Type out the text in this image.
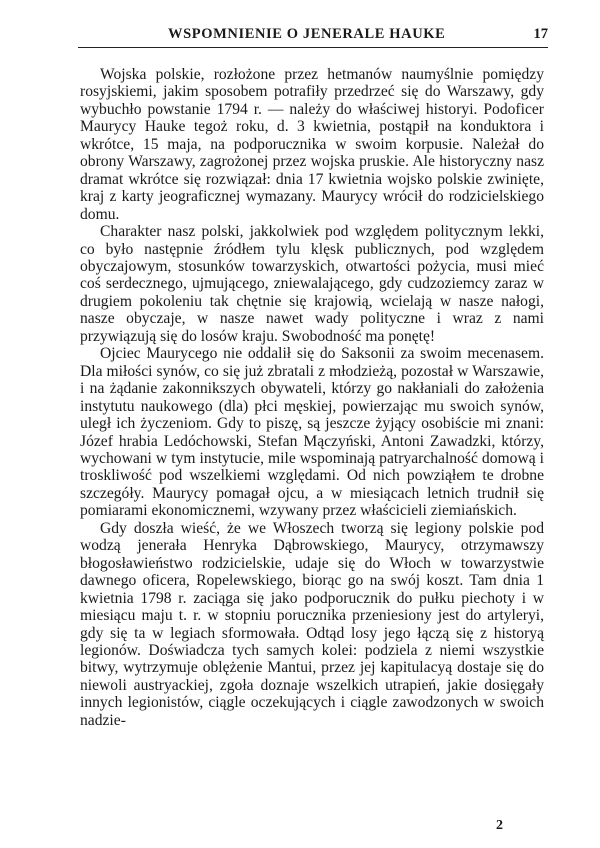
WSPOMNIENIE O JENERALE HAUKE	17

Wojska polskie, rozłożone przez hetmanów naumyślnie pomiędzy rosyjskiemi, jakim sposobem potrafiły przedrzeć się do Warszawy, gdy wybuchło powstanie 1794 r. — należy do właściwej historyi. Podoficer Maurycy Hauke tegoż roku, d. 3 kwietnia, postąpił na konduktora i wkrótce, 15 maja, na podporucznika w swoim korpusie. Należał do obrony Warszawy, zagrożonej przez wojska pruskie. Ale historyczny nasz dramat wkrótce się rozwiązał: dnia 17 kwietnia wojsko polskie zwinięte, kraj z karty jeograficznej wymazany. Maurycy wrócił do rodzicielskiego domu.

Charakter nasz polski, jakkolwiek pod względem politycznym lekki, co było następnie źródłem tylu klęsk publicznych, pod względem obyczajowym, stosunków towarzyskich, otwartości pożycia, musi mieć coś serdecznego, ujmującego, zniewalającego, gdy cudzoziemcy zaraz w drugiem pokoleniu tak chętnie się krajowią, wcielają w nasze nałogi, nasze obyczaje, w nasze nawet wady polityczne i wraz z nami przywiązują się do losów kraju. Swobodność ma ponętę!

Ojciec Maurycego nie oddalił się do Saksonii za swoim mecenasem. Dla miłości synów, co się już zbratali z młodzieżą, pozostał w Warszawie, i na żądanie zakonnikszych obywateli, którzy go nakłaniali do założenia instytutu naukowego (dla) płci męskiej, powierzając mu swoich synów, uległ ich życzeniom. Gdy to piszę, są jeszcze żyjący osobiście mi znani: Józef hrabia Ledóchowski, Stefan Mączyński, Antoni Zawadzki, którzy, wychowani w tym instytucie, mile wspominają patryarchalność domową i troskliwość pod wszelkiemi względami. Od nich powziąłem te drobne szczegóły. Maurycy pomagał ojcu, a w miesiącach letnich trudnił się pomiarami ekonomicznemi, wzywany przez właścicieli ziemiańskich.

Gdy doszła wieść, że we Włoszech tworzą się legiony polskie pod wodzą jenerała Henryka Dąbrowskiego, Maurycy, otrzymawszy błogosławieństwo rodzicielskie, udaje się do Włoch w towarzystwie dawnego oficera, Ropelewskiego, biorąc go na swój koszt. Tam dnia 1 kwietnia 1798 r. zaciąga się jako podporucznik do pułku piechoty i w miesiącu maju t. r. w stopniu porucznika przeniesiony jest do artyleryi, gdy się ta w legiach sformowała. Odtąd losy jego łączą się z historyą legionów. Doświadcza tych samych kolei: podziela z niemi wszystkie bitwy, wytrzymuje oblężenie Mantui, przez jej kapitulacyą dostaje się do niewoli austryackiej, zgoła doznaje wszelkich utrapień, jakie dosięgały innych legionistów, ciągle oczekujących i ciągle zawodzonych w swoich nadzie-

2
